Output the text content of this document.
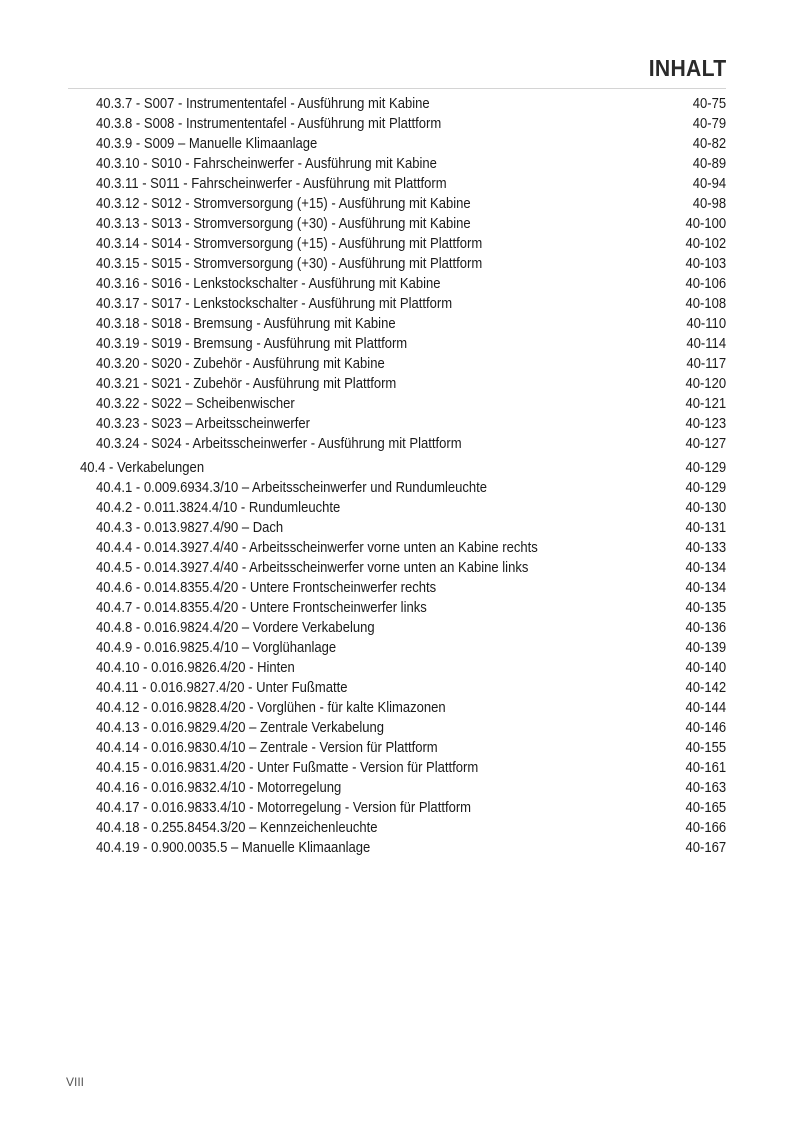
INHALT
40.3.7 - S007 - Instrumententafel - Ausführung mit Kabine	40-75
40.3.8 - S008 - Instrumententafel - Ausführung mit Plattform	40-79
40.3.9 - S009 – Manuelle Klimaanlage	40-82
40.3.10 - S010 - Fahrscheinwerfer - Ausführung mit Kabine	40-89
40.3.11 - S011 - Fahrscheinwerfer - Ausführung mit Plattform	40-94
40.3.12 - S012 - Stromversorgung (+15) - Ausführung mit Kabine	40-98
40.3.13 - S013 - Stromversorgung (+30) - Ausführung mit Kabine	40-100
40.3.14 - S014 - Stromversorgung (+15) - Ausführung mit Plattform	40-102
40.3.15 - S015 - Stromversorgung (+30) - Ausführung mit Plattform	40-103
40.3.16 - S016 - Lenkstockschalter - Ausführung mit Kabine	40-106
40.3.17 - S017 - Lenkstockschalter - Ausführung mit Plattform	40-108
40.3.18 - S018 - Bremsung - Ausführung mit Kabine	40-110
40.3.19 - S019 - Bremsung - Ausführung mit Plattform	40-114
40.3.20 - S020 - Zubehör - Ausführung mit Kabine	40-117
40.3.21 - S021 - Zubehör - Ausführung mit Plattform	40-120
40.3.22 - S022 – Scheibenwischer	40-121
40.3.23 - S023 – Arbeitsscheinwerfer	40-123
40.3.24 - S024 - Arbeitsscheinwerfer - Ausführung mit Plattform	40-127
40.4 - Verkabelungen	40-129
40.4.1 - 0.009.6934.3/10 – Arbeitsscheinwerfer und Rundumleuchte	40-129
40.4.2 - 0.011.3824.4/10 - Rundumleuchte	40-130
40.4.3 - 0.013.9827.4/90 – Dach	40-131
40.4.4 - 0.014.3927.4/40 - Arbeitsscheinwerfer vorne unten an Kabine rechts	40-133
40.4.5 - 0.014.3927.4/40 - Arbeitsscheinwerfer vorne unten an Kabine links	40-134
40.4.6 - 0.014.8355.4/20 - Untere Frontscheinwerfer rechts	40-134
40.4.7 - 0.014.8355.4/20 - Untere Frontscheinwerfer links	40-135
40.4.8 - 0.016.9824.4/20 – Vordere Verkabelung	40-136
40.4.9 - 0.016.9825.4/10 – Vorglühanlage	40-139
40.4.10 - 0.016.9826.4/20 - Hinten	40-140
40.4.11 - 0.016.9827.4/20 - Unter Fußmatte	40-142
40.4.12 - 0.016.9828.4/20 - Vorglühen - für kalte Klimazonen	40-144
40.4.13 - 0.016.9829.4/20 – Zentrale Verkabelung	40-146
40.4.14 - 0.016.9830.4/10 – Zentrale - Version für Plattform	40-155
40.4.15 - 0.016.9831.4/20 - Unter Fußmatte - Version für Plattform	40-161
40.4.16 - 0.016.9832.4/10 - Motorregelung	40-163
40.4.17 - 0.016.9833.4/10 - Motorregelung - Version für Plattform	40-165
40.4.18 - 0.255.8454.3/20 – Kennzeichenleuchte	40-166
40.4.19 - 0.900.0035.5 – Manuelle Klimaanlage	40-167
VIII
